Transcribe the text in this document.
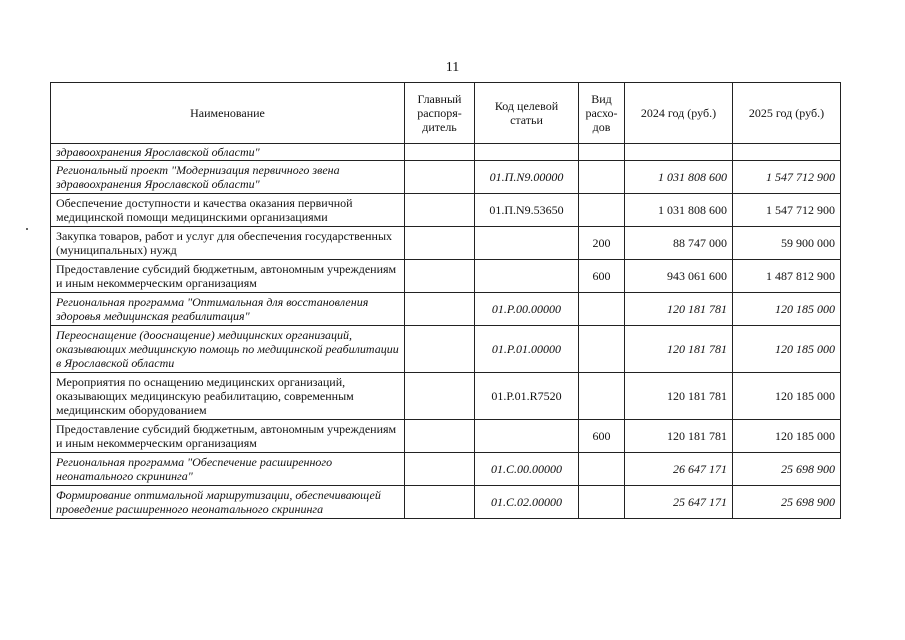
11
Наименование	Главный распоря-дитель	Код целевой статьи	Вид расхо-дов	2024 год (руб.)	2025 год (руб.)
здравоохранения Ярославской области"					
Региональный проект "Модернизация первичного звена здравоохранения Ярославской области"		01.П.N9.00000		1 031 808 600	1 547 712 900
Обеспечение доступности и качества оказания первичной медицинской помощи медицинскими организациями		01.П.N9.53650		1 031 808 600	1 547 712 900
Закупка товаров, работ и услуг для обеспечения государственных (муниципальных) нужд			200	88 747 000	59 900 000
Предоставление субсидий бюджетным, автономным учреждениям и иным некоммерческим организациям			600	943 061 600	1 487 812 900
Региональная программа "Оптимальная для восстановления здоровья медицинская реабилитация"		01.Р.00.00000		120 181 781	120 185 000
Переоснащение (дооснащение) медицинских организаций, оказывающих медицинскую помощь по медицинской реабилитации в Ярославской области		01.Р.01.00000		120 181 781	120 185 000
Мероприятия по оснащению медицинских организаций, оказывающих медицинскую реабилитацию, современным медицинским оборудованием		01.Р.01.R7520		120 181 781	120 185 000
Предоставление субсидий бюджетным, автономным учреждениям и иным некоммерческим организациям			600	120 181 781	120 185 000
Региональная программа "Обеспечение расширенного неонатального скрининга"		01.С.00.00000		26 647 171	25 698 900
Формирование оптимальной маршрутизации, обеспечивающей проведение расширенного неонатального скрининга		01.С.02.00000		25 647 171	25 698 900
